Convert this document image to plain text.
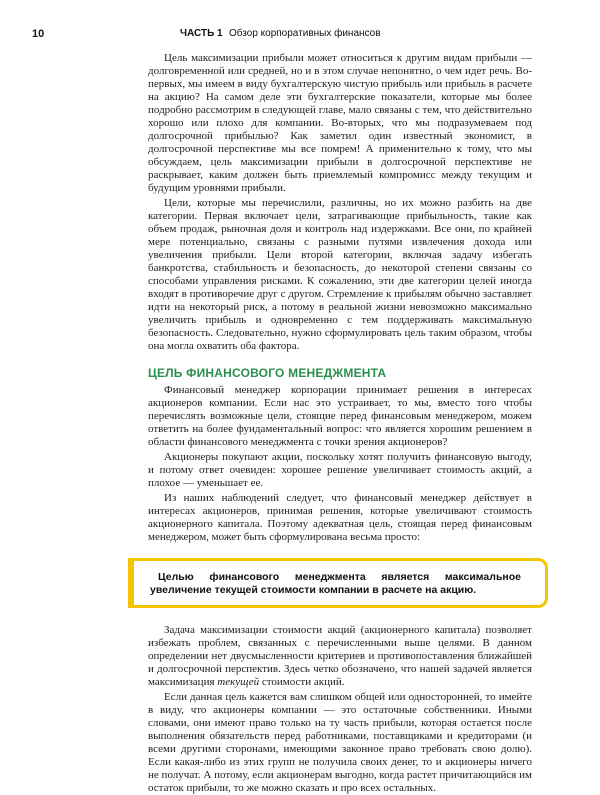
10	ЧАСТЬ 1 Обзор корпоративных финансов

Цель максимизации прибыли может относиться к другим видам прибыли — долговременной или средней, но и в этом случае непонятно, о чем идет речь. Во-первых, мы имеем в виду бухгалтерскую чистую прибыль или прибыль в расчете на акцию? На самом деле эти бухгалтерские показатели, которые мы более подробно рассмотрим в следующей главе, мало связаны с тем, что действительно хорошо или плохо для компании. Во-вторых, что мы подразумеваем под долгосрочной прибылью? Как заметил один известный экономист, в долгосрочной перспективе мы все помрем! А применительно к тому, что мы обсуждаем, цель максимизации прибыли в долгосрочной перспективе не раскрывает, каким должен быть приемлемый компромисс между текущим и будущим уровнями прибыли.

Цели, которые мы перечислили, различны, но их можно разбить на две категории. Первая включает цели, затрагивающие прибыльность, такие как объем продаж, рыночная доля и контроль над издержками. Все они, по крайней мере потенциально, связаны с разными путями извлечения дохода или увеличения прибыли. Цели второй категории, включая задачу избегать банкротства, стабильность и безопасность, до некоторой степени связаны со способами управления рисками. К сожалению, эти две категории целей иногда входят в противоречие друг с другом. Стремление к прибылям обычно заставляет идти на некоторый риск, а потому в реальной жизни невозможно максимально увеличить прибыль и одновременно с тем поддерживать максимальную безопасность. Следовательно, нужно сформулировать цель таким образом, чтобы она могла охватить оба фактора.

ЦЕЛЬ ФИНАНСОВОГО МЕНЕДЖМЕНТА

Финансовый менеджер корпорации принимает решения в интересах акционеров компании. Если нас это устраивает, то мы, вместо того чтобы перечислять возможные цели, стоящие перед финансовым менеджером, можем ответить на более фундаментальный вопрос: что является хорошим решением в области финансового менеджмента с точки зрения акционеров?

Акционеры покупают акции, поскольку хотят получить финансовую выгоду, и потому ответ очевиден: хорошее решение увеличивает стоимость акций, а плохое — уменьшает ее.

Из наших наблюдений следует, что финансовый менеджер действует в интересах акционеров, принимая решения, которые увеличивают стоимость акционерного капитала. Поэтому адекватная цель, стоящая перед финансовым менеджером, может быть сформулирована весьма просто:

Целью финансового менеджмента является максимальное увеличение текущей стоимости компании в расчете на акцию.

Задача максимизации стоимости акций (акционерного капитала) позволяет избежать проблем, связанных с перечисленными выше целями. В данном определении нет двусмысленности критериев и противопоставления ближайшей и долгосрочной перспектив. Здесь четко обозначено, что нашей задачей является максимизация текущей стоимости акций.

Если данная цель кажется вам слишком общей или односторонней, то имейте в виду, что акционеры компании — это остаточные собственники. Иными словами, они имеют право только на ту часть прибыли, которая остается после выполнения обязательств перед работниками, поставщиками и кредиторами (и всеми другими сторонами, имеющими законное право требовать свою долю). Если какая-либо из этих групп не получила своих денег, то и акционеры ничего не получат. А потому, если акционерам выгодно, когда растет причитающийся им остаток прибыли, то же можно сказать и про всех остальных.
